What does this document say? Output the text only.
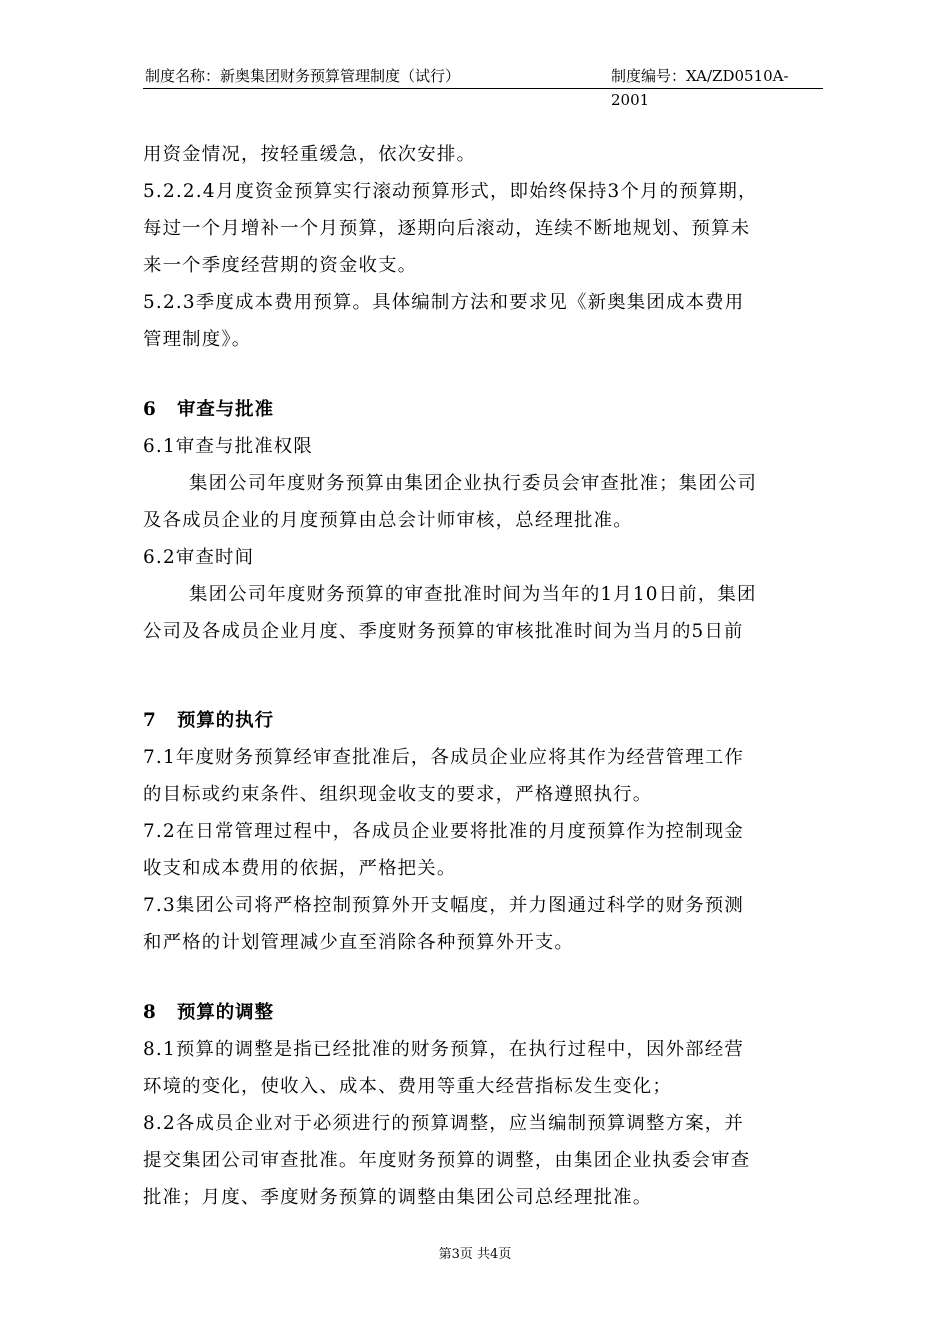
制度名称：新奥集团财务预算管理制度（试行）	制度编号：XA/ZD0510A-2001
用资金情况，按轻重缓急，依次安排。
5.2.2.4月度资金预算实行滚动预算形式，即始终保持3个月的预算期，
每过一个月增补一个月预算，逐期向后滚动，连续不断地规划、预算未
来一个季度经营期的资金收支。
5.2.3季度成本费用预算。具体编制方法和要求见《新奥集团成本费用
管理制度》。
6 审查与批准
6.1审查与批准权限
集团公司年度财务预算由集团企业执行委员会审查批准；集团公司
及各成员企业的月度预算由总会计师审核，总经理批准。
6.2审查时间
集团公司年度财务预算的审查批准时间为当年的1月10日前，集团
公司及各成员企业月度、季度财务预算的审核批准时间为当月的5日前
7 预算的执行
7.1年度财务预算经审查批准后，各成员企业应将其作为经营管理工作
的目标或约束条件、组织现金收支的要求，严格遵照执行。
7.2在日常管理过程中，各成员企业要将批准的月度预算作为控制现金
收支和成本费用的依据，严格把关。
7.3集团公司将严格控制预算外开支幅度，并力图通过科学的财务预测
和严格的计划管理减少直至消除各种预算外开支。
8 预算的调整
8.1预算的调整是指已经批准的财务预算，在执行过程中，因外部经营
环境的变化，使收入、成本、费用等重大经营指标发生变化；
8.2各成员企业对于必须进行的预算调整，应当编制预算调整方案，并
提交集团公司审查批准。年度财务预算的调整，由集团企业执委会审查
批准；月度、季度财务预算的调整由集团公司总经理批准。
第3页 共4页
